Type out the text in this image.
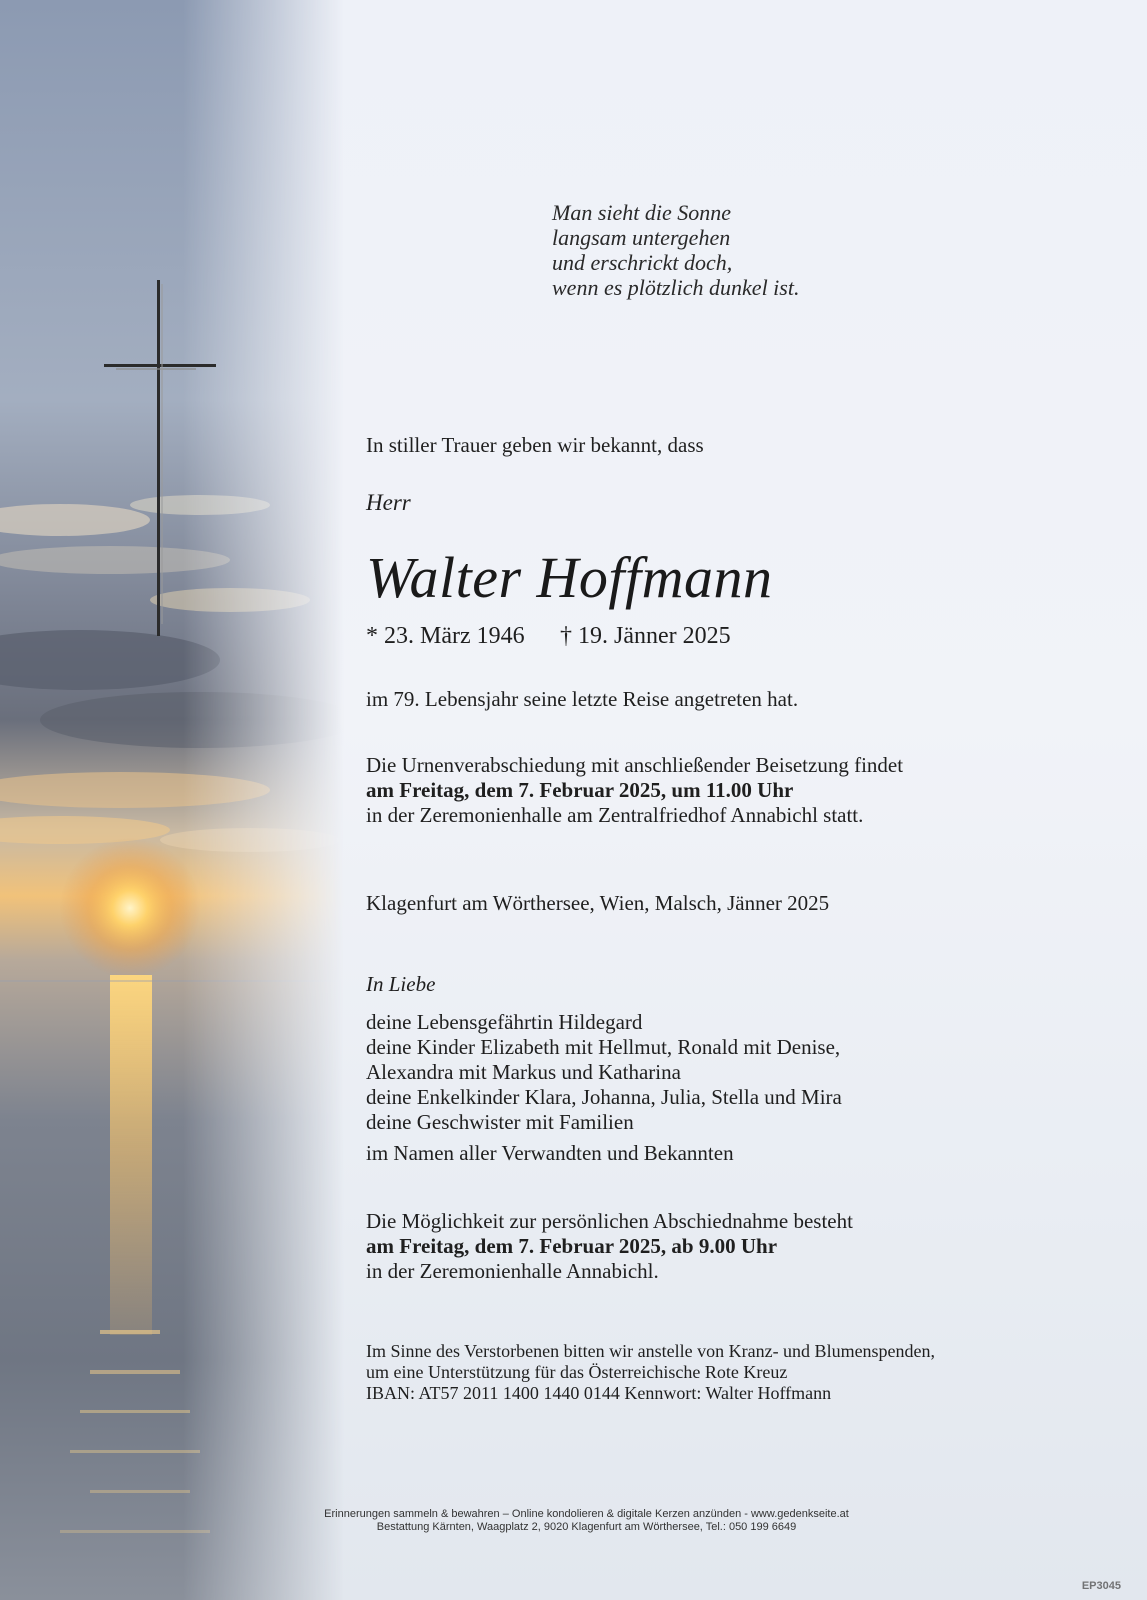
Man sieht die Sonne
langsam untergehen
und erschrickt doch,
wenn es plötzlich dunkel ist.
In stiller Trauer geben wir bekannt, dass
Herr
Walter Hoffmann
* 23. März 1946 † 19. Jänner 2025
im 79. Lebensjahr seine letzte Reise angetreten hat.
Die Urnenverabschiedung mit anschließender Beisetzung findet
am Freitag, dem 7. Februar 2025, um 11.00 Uhr
in der Zeremonienhalle am Zentralfriedhof Annabichl statt.
Klagenfurt am Wörthersee, Wien, Malsch, Jänner 2025
In Liebe
deine Lebensgefährtin Hildegard
deine Kinder Elizabeth mit Hellmut, Ronald mit Denise,
Alexandra mit Markus und Katharina
deine Enkelkinder Klara, Johanna, Julia, Stella und Mira
deine Geschwister mit Familien
im Namen aller Verwandten und Bekannten
Die Möglichkeit zur persönlichen Abschiednahme besteht
am Freitag, dem 7. Februar 2025, ab 9.00 Uhr
in der Zeremonienhalle Annabichl.
Im Sinne des Verstorbenen bitten wir anstelle von Kranz- und Blumenspenden,
um eine Unterstützung für das Österreichische Rote Kreuz
IBAN: AT57 2011 1400 1440 0144 Kennwort: Walter Hoffmann
Erinnerungen sammeln & bewahren – Online kondolieren & digitale Kerzen anzünden - www.gedenkseite.at
Bestattung Kärnten, Waagplatz 2, 9020 Klagenfurt am Wörthersee, Tel.: 050 199 6649
EP3045
